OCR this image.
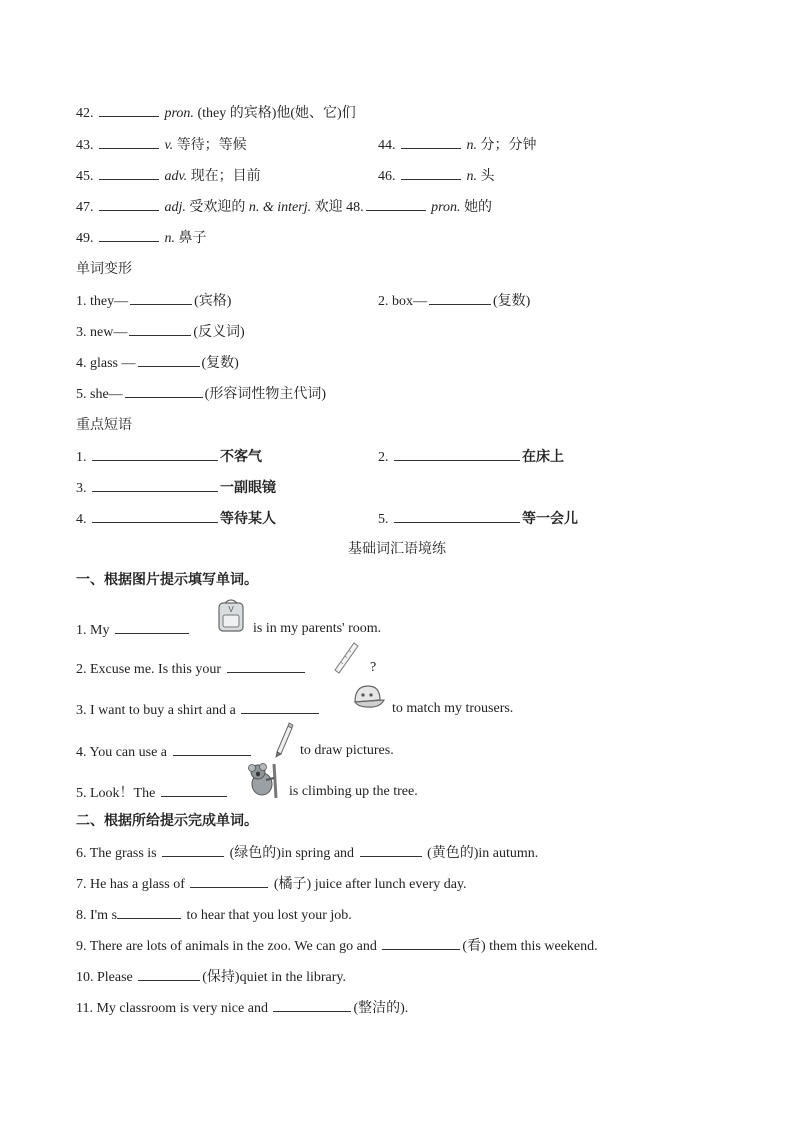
42.	pron. (they 的宾格)他(她、它)们
43.	v. 等待；等候	44.	n. 分；分钟
45.	adv. 现在；目前	46.	n. 头
47.	adj. 受欢迎的 n. & interj. 欢迎 48.	pron. 她的
49.	n. 鼻子
单词变形
1. they—	(宾格)	2. box—	(复数)
3. new—	(反义词)
4. glass —	(复数)
5. she—	(形容词性物主代词)
重点短语
1.	不客气	2.	在床上
3.	一副眼镜
4.	等待某人	5.	等一会儿
基础词汇语境练
一、根据图片提示填写单词。
1. My
V
is in my parents' room.
2. Excuse me. Is this your	?
3. I want to buy a shirt and a	to match my trousers.
4. You can use a	to draw pictures.
5. Look！The	is climbing up the tree.
二、根据所给提示完成单词。
6. The grass is	(绿色的)in spring and	(黄色的)in autumn.
7. He has a glass of	(橘子) juice after lunch every day.
8. I'm s	to hear that you lost your job.
9. There are lots of animals in the zoo. We can go and	(看) them this weekend.
10. Please	(保持)quiet in the library.
11. My classroom is very nice and	(整洁的).
